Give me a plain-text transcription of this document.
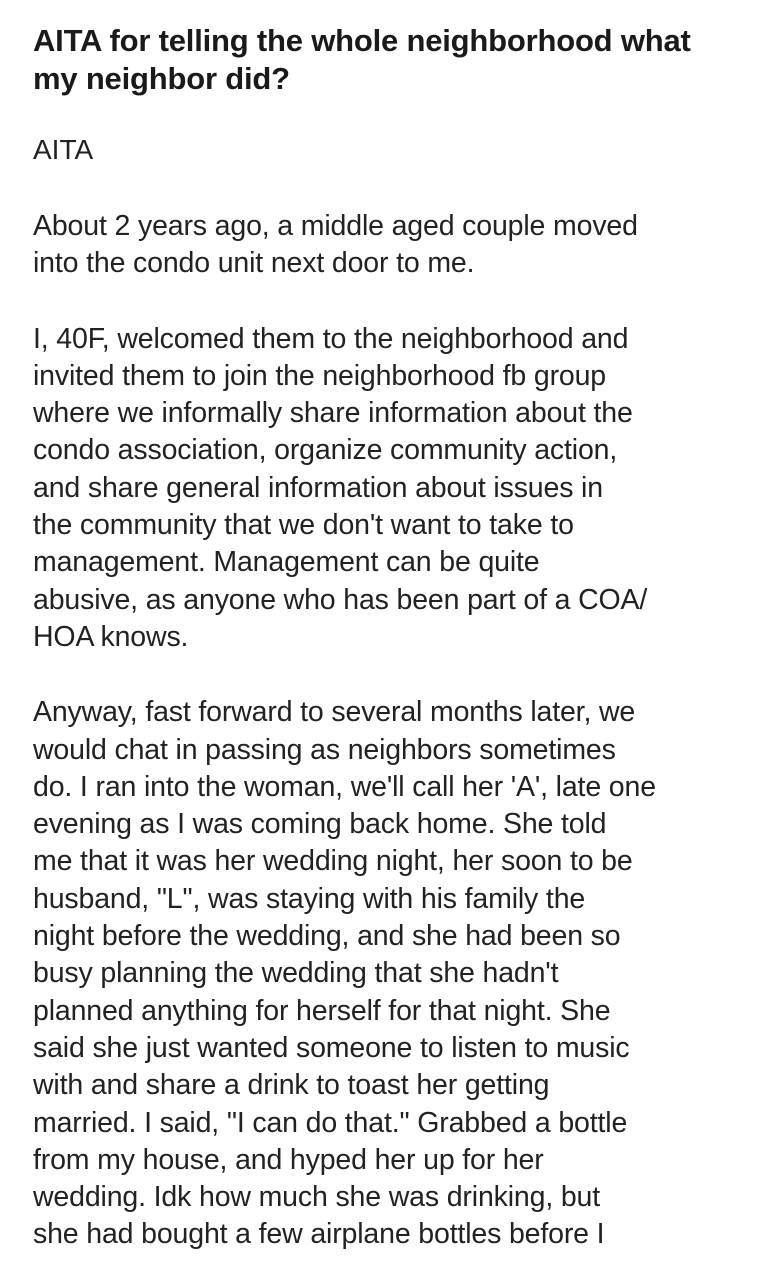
AITA for telling the whole neighborhood what my neighbor did?
AITA

About 2 years ago, a middle aged couple moved
into the condo unit next door to me.

I, 40F, welcomed them to the neighborhood and
invited them to join the neighborhood fb group
where we informally share information about the
condo association, organize community action,
and share general information about issues in
the community that we don't want to take to
management. Management can be quite
abusive, as anyone who has been part of a COA/
HOA knows.

Anyway, fast forward to several months later, we
would chat in passing as neighbors sometimes
do. I ran into the woman, we'll call her 'A', late one
evening as I was coming back home. She told
me that it was her wedding night, her soon to be
husband, "L", was staying with his family the
night before the wedding, and she had been so
busy planning the wedding that she hadn't
planned anything for herself for that night. She
said she just wanted someone to listen to music
with and share a drink to toast her getting
married. I said, "I can do that." Grabbed a bottle
from my house, and hyped her up for her
wedding. Idk how much she was drinking, but
she had bought a few airplane bottles before I
